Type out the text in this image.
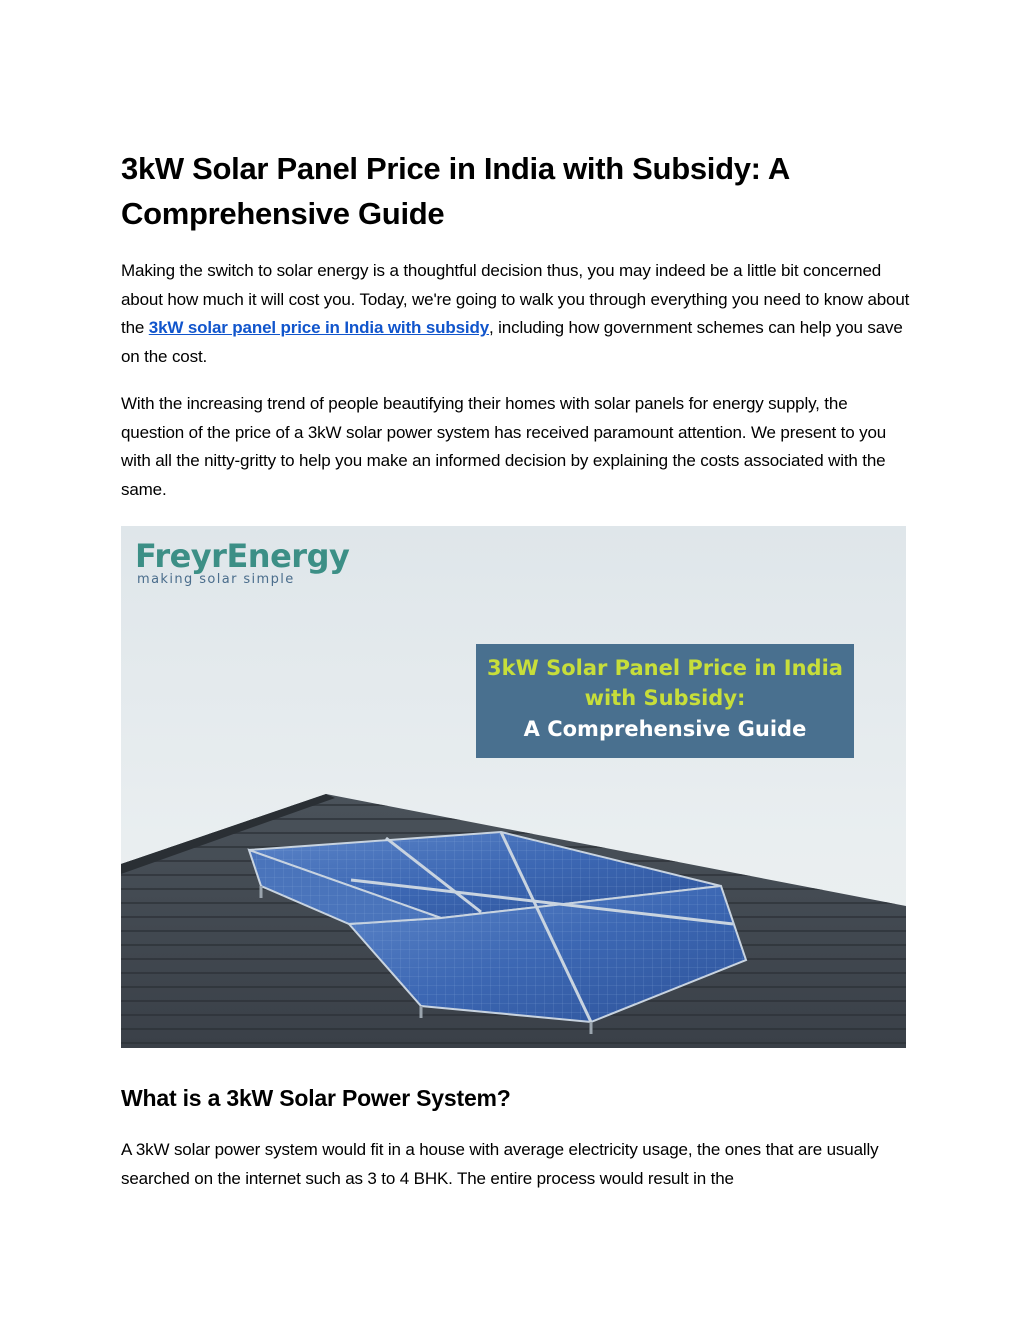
3kW Solar Panel Price in India with Subsidy: A Comprehensive Guide

Making the switch to solar energy is a thoughtful decision thus, you may indeed be a little bit concerned about how much it will cost you. Today, we're going to walk you through everything you need to know about the 3kW solar panel price in India with subsidy, including how government schemes can help you save on the cost.

With the increasing trend of people beautifying their homes with solar panels for energy supply, the question of the price of a 3kW solar power system has received paramount attention. We present to you with all the nitty-gritty to help you make an informed decision by explaining the costs associated with the same.

FreyrEnergy
making solar simple
3kW Solar Panel Price in India
with Subsidy:
A Comprehensive Guide
What is a 3kW Solar Power System?

A 3kW solar power system would fit in a house with average electricity usage, the ones that are usually searched on the internet such as 3 to 4 BHK. The entire process would result in the
